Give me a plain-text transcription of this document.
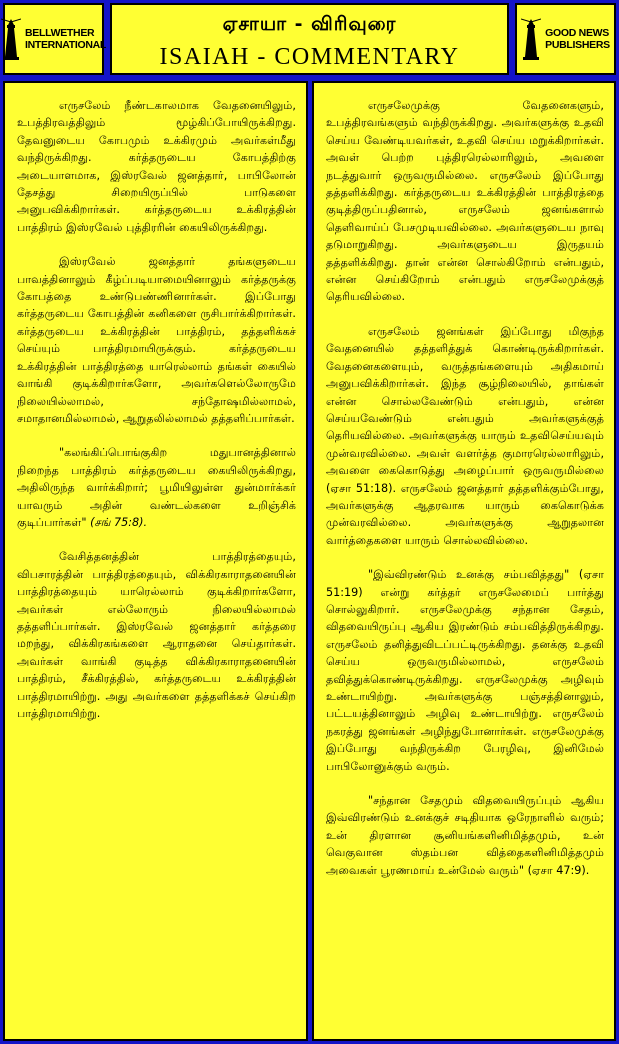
BELLWETHER
INTERNATIONAL
ஏசாயா - விரிவுரை
ISAIAH - COMMENTARY
GOOD NEWS
PUBLISHERS

எருசலேம் நீண்டகாலமாக வேதனையிலும், உபத்திரவத்திலும் மூழ்கிப்போயிருக்கிறது. தேவனுடைய கோபமும் உக்கிரமும் அவர்கள்மீது வந்திருக்கிறது. கர்த்தருடைய கோபத்திற்கு அடையாளமாக, இஸ்ரவேல் ஜனத்தார், பாபிலோன் தேசத்து சிறையிருப்பில் பாடுகளை அனுபவிக்கிறார்கள். கர்த்தருடைய உக்கிரத்தின் பாத்திரம் இஸ்ரவேல் புத்திரரின் கையிலிருக்கிறது.

இஸ்ரவேல் ஜனத்தார் தங்களுடைய பாவத்தினாலும் கீழ்ப்படியாமையினாலும் கர்த்தருக்கு கோபத்தை உண்டுபண்ணினார்கள். இப்போது கர்த்தருடைய கோபத்தின் கனிகளை ருசிபார்க்கிறார்கள். கர்த்தருடைய உக்கிரத்தின் பாத்திரம், தத்தளிக்கச் செய்யும் பாத்திரமாயிருக்கும். கர்த்தருடைய உக்கிரத்தின் பாத்திரத்தை யாரெல்லாம் தங்கள் கையில் வாங்கி குடிக்கிறார்களோ, அவர்களெல்லோருமே நிலையில்லாமல், சந்தோஷமில்லாமல், சமாதானமில்லாமல், ஆறுதலில்லாமல் தத்தளிப்பார்கள்.

"கலங்கிப்பொங்குகிற மதுபானத்தினால் நிறைந்த பாத்திரம் கர்த்தருடைய கையிலிருக்கிறது, அதிலிருந்த வார்க்கிறார்; பூமியிலுள்ள துன்மார்க்கர் யாவரும் அதின் வண்டல்களை உறிஞ்சிக் குடிப்பார்கள்" (சங் 75:8).

வேசித்தனத்தின் பாத்திரத்தையும், விபசாரத்தின் பாத்திரத்தையும், விக்கிரகாராதனையின் பாத்திரத்தையும் யாரெல்லாம் குடிக்கிறார்களோ, அவர்கள் எல்லோரும் நிலையில்லாமல் தத்தளிப்பார்கள். இஸ்ரவேல் ஜனத்தார் கர்த்தரை மறந்து, விக்கிரகங்களை ஆராதனை செய்தார்கள். அவர்கள் வாங்கி குடித்த விக்கிரகாராதனையின் பாத்திரம், சீக்கிரத்தில், கர்த்தருடைய உக்கிரத்தின் பாத்திரமாயிற்று. அது அவர்களை தத்தளிக்கச் செய்கிற பாத்திரமாயிற்று.

எருசலேமுக்கு வேதனைகளும், உபத்திரவங்களும் வந்திருக்கிறது. அவர்களுக்கு உதவி செய்ய வேண்டியவர்கள், உதவி செய்ய மறுக்கிறார்கள். அவள் பெற்ற புத்திரரெல்லாரிலும், அவளை நடத்துவார் ஒருவருமில்லை. எருசலேம் இப்போது தத்தளிக்கிறது. கர்த்தருடைய உக்கிரத்தின் பாத்திரத்தை குடித்திருப்பதினால், எருசலேம் ஜனங்களால் தெளிவாய்ப் பேசமுடியவில்லை. அவர்களுடைய நாவு தடுமாறுகிறது. அவர்களுடைய இருதயம் தத்தளிக்கிறது. தான் என்ன சொல்கிறோம் என்பதும், என்ன செய்கிறோம் என்பதும் எருசலேமுக்குத் தெரியவில்லை.

எருசலேம் ஜனங்கள் இப்போது மிகுந்த வேதனையில் தத்தளித்துக் கொண்டிருக்கிறார்கள். வேதனைகளையும், வருத்தங்களையும் அதிகமாய் அனுபவிக்கிறார்கள். இந்த சூழ்நிலையில், தாங்கள் என்ன சொல்லவேண்டும் என்பதும், என்ன செய்யவேண்டும் என்பதும் அவர்களுக்குத் தெரியவில்லை. அவர்களுக்கு யாரும் உதவிசெய்யவும் முன்வரவில்லை. அவள் வளர்த்த குமாரரெல்லாரிலும், அவளை கைகொடுத்து அழைப்பார் ஒருவருமில்லை (ஏசா 51:18). எருசலேம் ஜனத்தார் தத்தளிக்கும்போது, அவர்களுக்கு ஆதரவாக யாரும் கைகொடுக்க முன்வரவில்லை. அவர்களுக்கு ஆறுதலான வார்த்தைகளை யாரும் சொல்லவில்லை.

"இவ்விரண்டும் உனக்கு சம்பவித்தது" (ஏசா 51:19) என்று கர்த்தர் எருசலேமைப் பார்த்து சொல்லுகிறார். எருசலேமுக்கு சந்தான சேதம், விதவையிருப்பு ஆகிய இரண்டும் சம்பவித்திருக்கிறது. எருசலேம் தனித்துவிடப்பட்டிருக்கிறது. தனக்கு உதவி செய்ய ஒருவருமில்லாமல், எருசலேம் தவித்துக்கொண்டிருக்கிறது. எருசலேமுக்கு அழிவும் உண்டாயிற்று. அவர்களுக்கு பஞ்சத்தினாலும், பட்டயத்தினாலும் அழிவு உண்டாயிற்று. எருசலேம் நகரத்து ஜனங்கள் அழிந்துபோனார்கள். எருசலேமுக்கு இப்போது வந்திருக்கிற பேரழிவு, இனிமேல் பாபிலோனுக்கும் வரும்.

"சந்தான சேதமும் விதவையிருப்பும் ஆகிய இவ்விரண்டும் உனக்குச் சடிதியாக ஒரேநாளில் வரும்; உன் திரளான சூனியங்களினிமித்தமும், உன் வெகுவான ஸ்தம்பன வித்தைகளினிமித்தமும் அவைகள் பூரணமாய் உன்மேல் வரும்" (ஏசா 47:9).
